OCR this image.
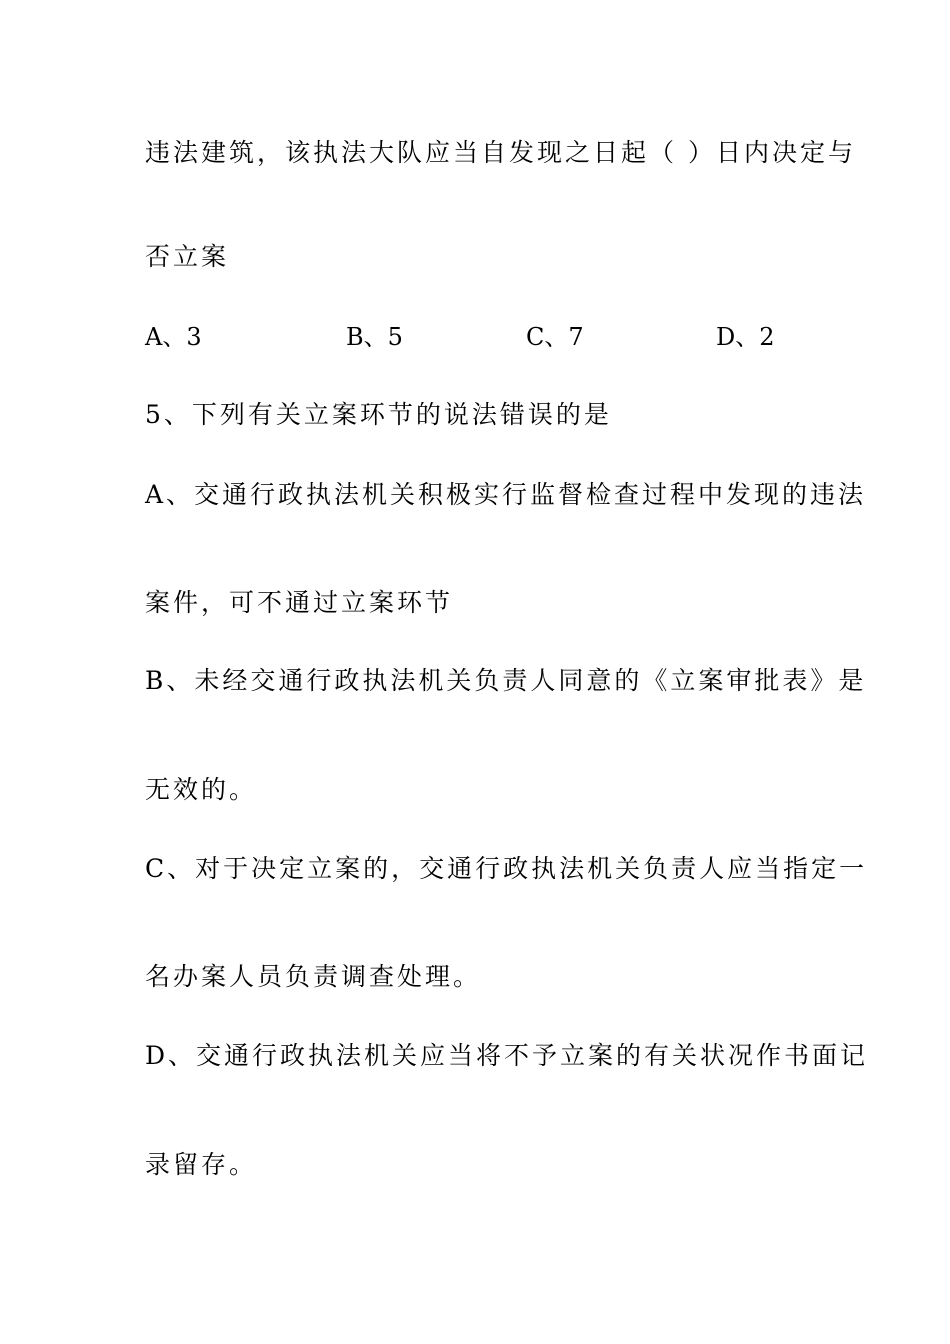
违法建筑，该执法大队应当自发现之日起（ ）日内决定与
否立案
A、3	B、5	C、7	D、2
5、下列有关立案环节的说法错误的是
A、交通行政执法机关积极实行监督检查过程中发现的违法
案件，可不通过立案环节
B、未经交通行政执法机关负责人同意的《立案审批表》是
无效的。
C、对于决定立案的，交通行政执法机关负责人应当指定一
名办案人员负责调查处理。
D、交通行政执法机关应当将不予立案的有关状况作书面记
录留存。
